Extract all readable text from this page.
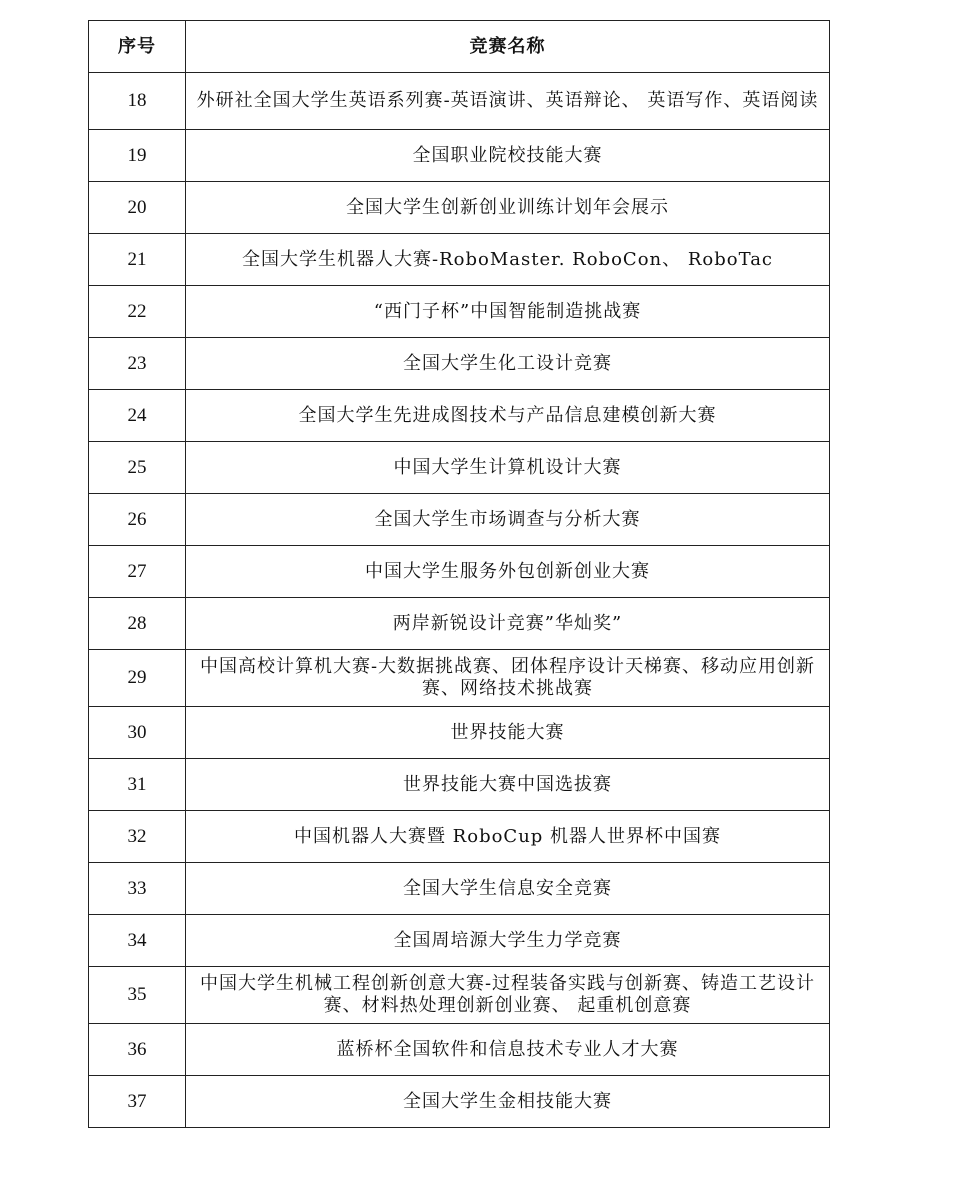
序号	竞赛名称
18	外研社全国大学生英语系列赛-英语演讲、英语辩论、 英语写作、英语阅读
19	全国职业院校技能大赛
20	全国大学生创新创业训练计划年会展示
21	全国大学生机器人大赛-RoboMaster. RoboCon、 RoboTac
22	“西门子杯”中国智能制造挑战赛
23	全国大学生化工设计竞赛
24	全国大学生先进成图技术与产品信息建模创新大赛
25	中国大学生计算机设计大赛
26	全国大学生市场调查与分析大赛
27	中国大学生服务外包创新创业大赛
28	两岸新锐设计竞赛”华灿奖”
29	中国高校计算机大赛-大数据挑战赛、团体程序设计天梯赛、移动应用创新赛、网络技术挑战赛
30	世界技能大赛
31	世界技能大赛中国选拔赛
32	中国机器人大赛暨 RoboCup 机器人世界杯中国赛
33	全国大学生信息安全竞赛
34	全国周培源大学生力学竞赛
35	中国大学生机械工程创新创意大赛-过程装备实践与创新赛、铸造工艺设计赛、材料热处理创新创业赛、 起重机创意赛
36	蓝桥杯全国软件和信息技术专业人才大赛
37	全国大学生金相技能大赛
